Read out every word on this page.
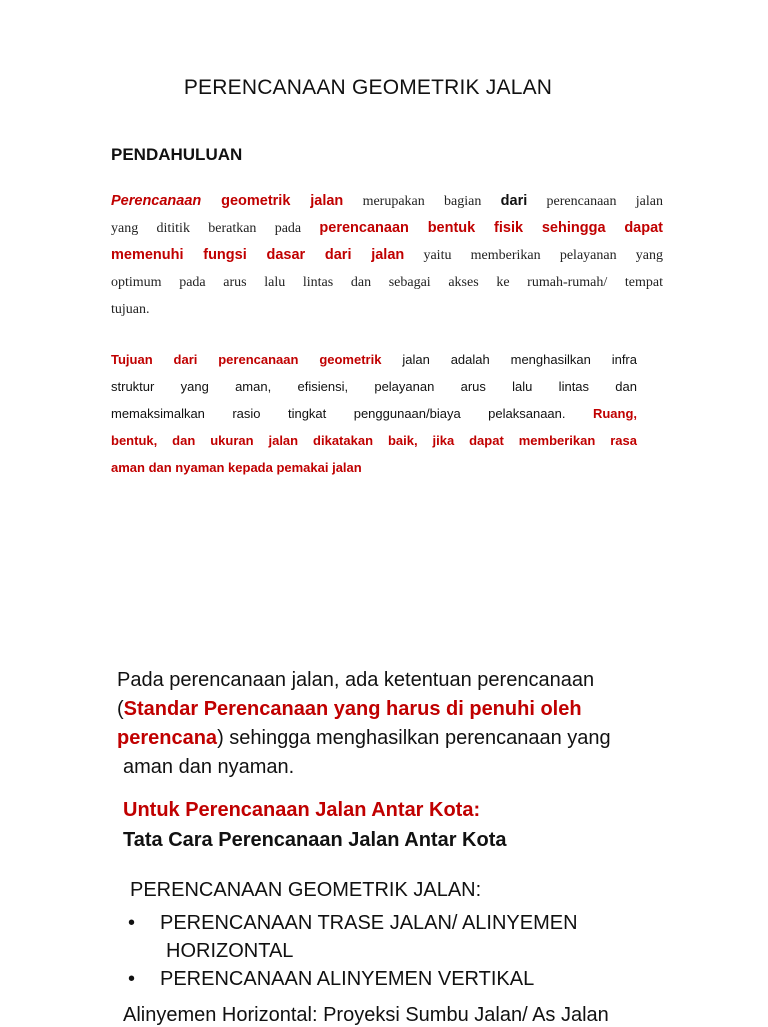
PERENCANAAN GEOMETRIK JALAN
PENDAHULUAN
Perencanaan geometrik jalan merupakan bagian dari perencanaan jalan
yang dititik beratkan pada perencanaan bentuk fisik sehingga dapat
memenuhi fungsi dasar dari jalan yaitu memberikan pelayanan yang
optimum pada arus lalu lintas dan sebagai akses ke rumah-rumah/ tempat
tujuan.
Tujuan dari perencanaan geometrik jalan adalah menghasilkan infra
struktur yang aman, efisiensi, pelayanan arus lalu lintas dan
memaksimalkan rasio tingkat penggunaan/biaya pelaksanaan. Ruang,
bentuk, dan ukuran jalan dikatakan baik, jika dapat memberikan rasa
aman dan nyaman kepada pemakai jalan
Pada perencanaan jalan, ada ketentuan perencanaan
(Standar Perencanaan yang harus di penuhi oleh
perencana) sehingga menghasilkan perencanaan yang
aman dan nyaman.
Untuk Perencanaan Jalan Antar Kota:
Tata Cara Perencanaan Jalan Antar Kota
PERENCANAAN GEOMETRIK JALAN:
• PERENCANAAN TRASE JALAN/ ALINYEMEN
HORIZONTAL
• PERENCANAAN ALINYEMEN VERTIKAL
Alinyemen Horizontal: Proyeksi Sumbu Jalan/ As Jalan
